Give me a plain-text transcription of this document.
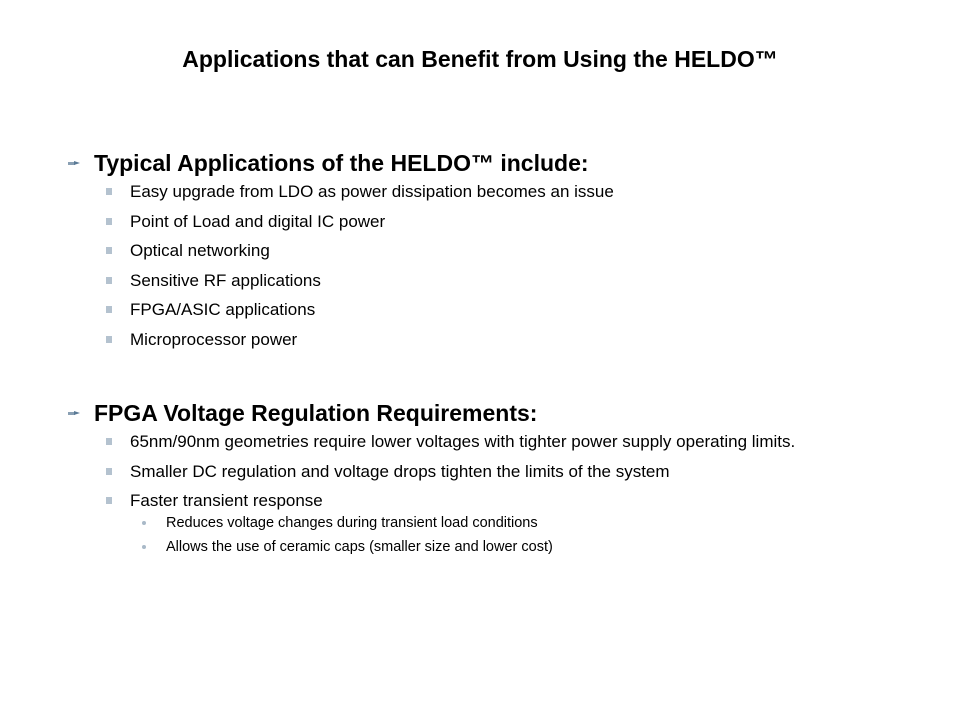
Applications that can Benefit from Using the HELDO™
Typical Applications of the HELDO™ include:
Easy upgrade from LDO as power dissipation becomes an issue
Point of Load and digital IC power
Optical networking
Sensitive RF applications
FPGA/ASIC applications
Microprocessor power
FPGA Voltage Regulation Requirements:
65nm/90nm geometries require lower voltages with tighter power supply operating limits.
Smaller DC regulation and voltage drops tighten the limits of the system
Faster transient response
Reduces voltage changes during transient load conditions
Allows the use of ceramic caps (smaller size and lower cost)
